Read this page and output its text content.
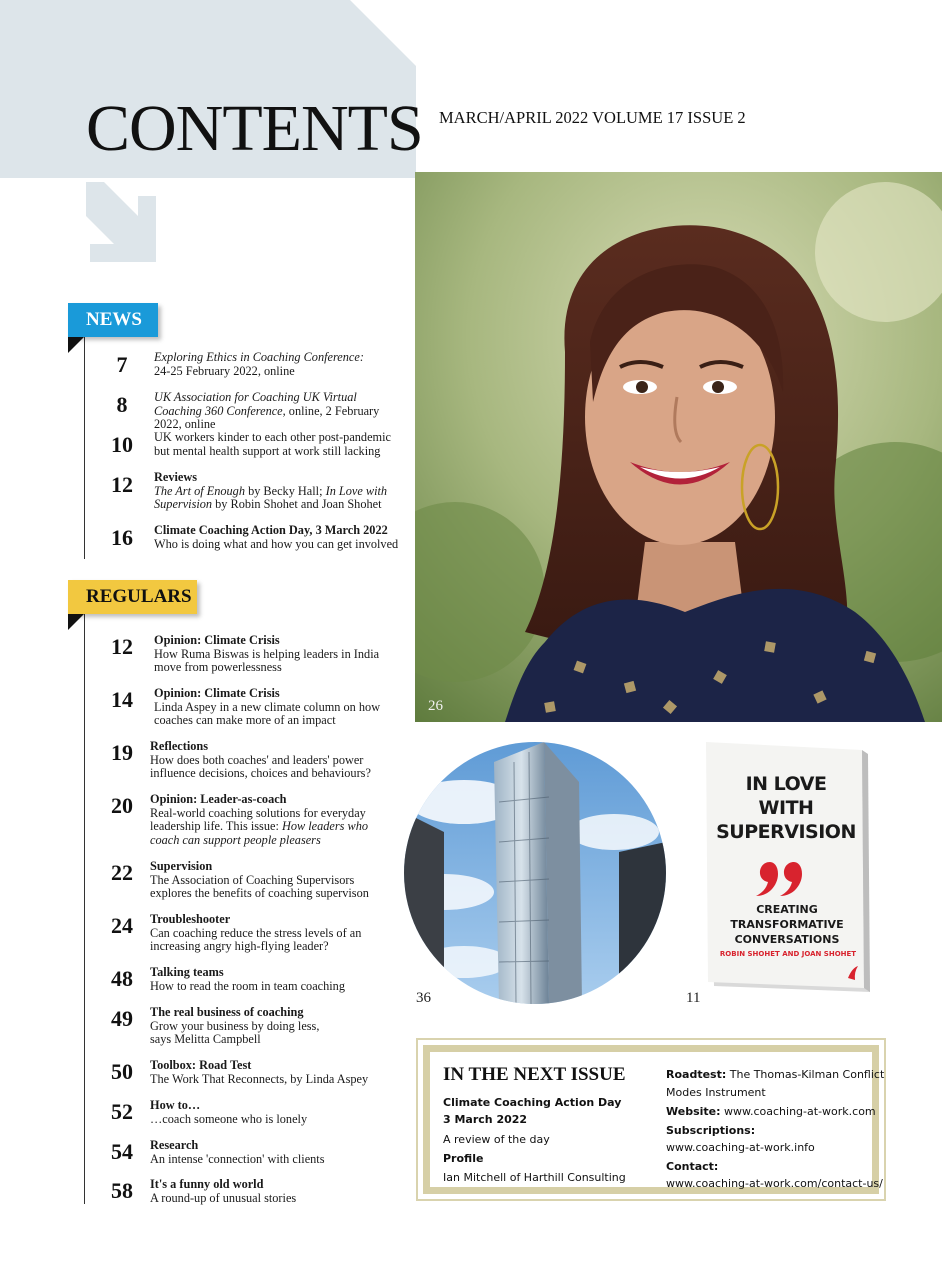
CONTENTS MARCH/APRIL 2022 VOLUME 17 ISSUE 2
NEWS
7	Exploring Ethics in Coaching Conference:
24-25 February 2022, online
8	UK Association for Coaching UK Virtual Coaching 360 Conference, online, 2 February 2022, online
10	UK workers kinder to each other post-pandemic but mental health support at work still lacking
12	Reviews
The Art of Enough by Becky Hall; In Love with Supervision by Robin Shohet and Joan Shohet
16	Climate Coaching Action Day, 3 March 2022
Who is doing what and how you can get involved
REGULARS
12	Opinion: Climate Crisis
How Ruma Biswas is helping leaders in India move from powerlessness
14	Opinion: Climate Crisis
Linda Aspey in a new climate column on how coaches can make more of an impact
19	Reflections
How does both coaches' and leaders' power influence decisions, choices and behaviours?
20	Opinion: Leader-as-coach
Real-world coaching solutions for everyday leadership life. This issue: How leaders who coach can support people pleasers
22	Supervision
The Association of Coaching Supervisors explores the benefits of coaching supervison
24	Troubleshooter
Can coaching reduce the stress levels of an increasing angry high-flying leader?
48	Talking teams
How to read the room in team coaching
49	The real business of coaching
Grow your business by doing less, says Melitta Campbell
50	Toolbox: Road Test
The Work That Reconnects, by Linda Aspey
52	How to…
…coach someone who is lonely
54	Research
An intense 'connection' with clients
58	It's a funny old world
A round-up of unusual stories
26
36
IN LOVE
WITH
SUPERVISION
CREATING
TRANSFORMATIVE
CONVERSATIONS
ROBIN SHOHET AND JOAN SHOHET
11
IN THE NEXT ISSUE
Climate Coaching Action Day
3 March 2022
A review of the day
Profile
Ian Mitchell of Harthill Consulting
Roadtest: The Thomas-Kilman Conflict
Modes Instrument
Website: www.coaching-at-work.com
Subscriptions:
www.coaching-at-work.info
Contact:
www.coaching-at-work.com/contact-us/
